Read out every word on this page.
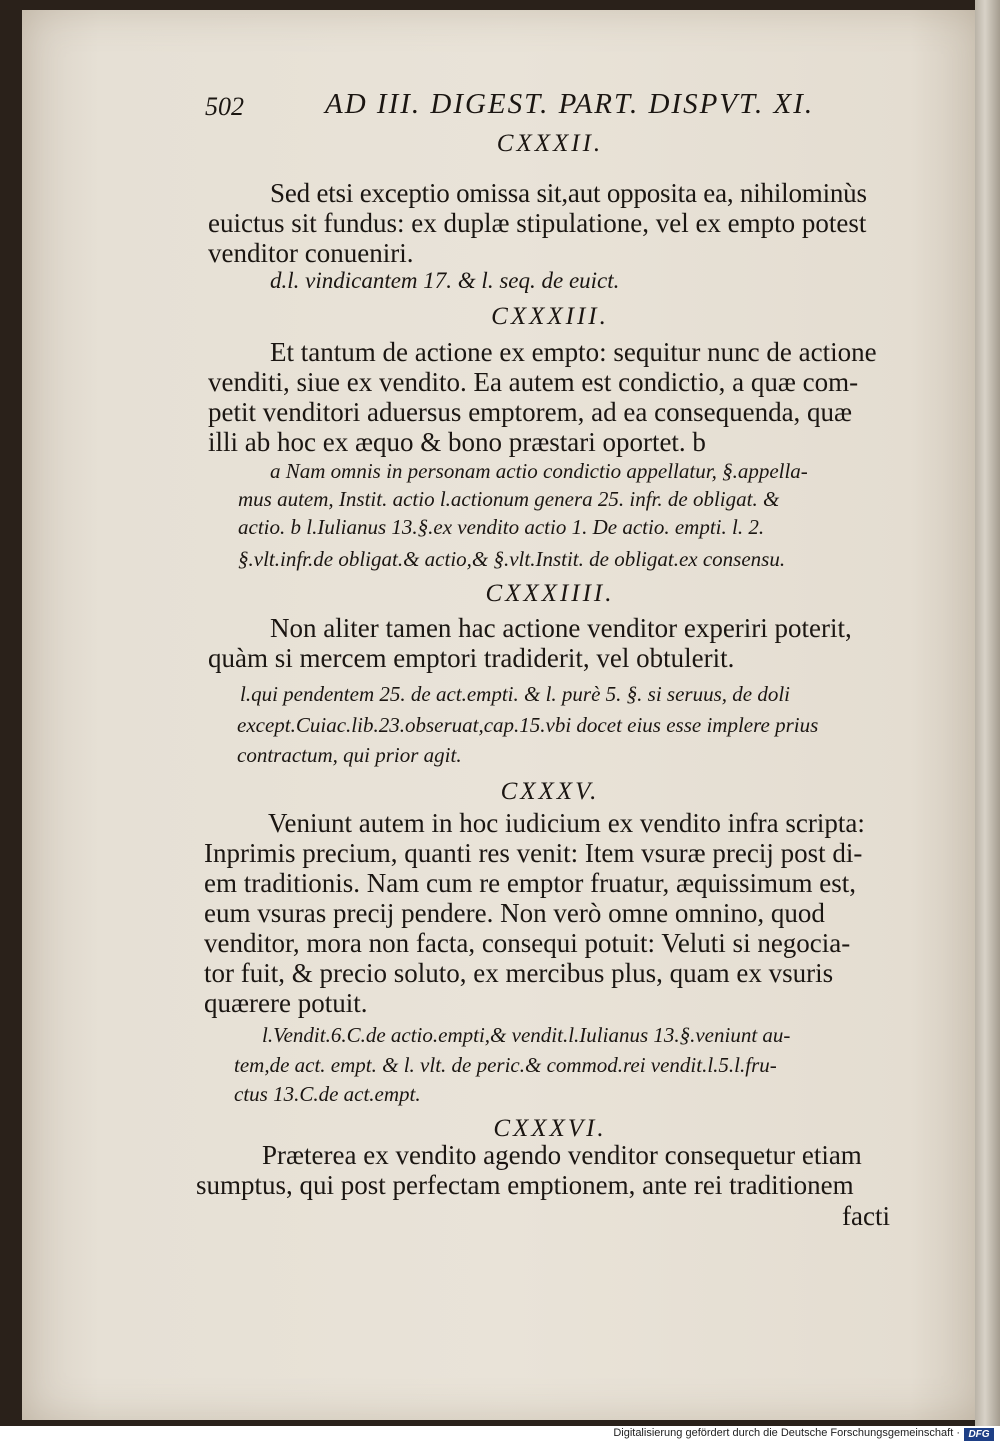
502	AD III. DIGEST. PART. DISPVT. XI.
CXXXII.
Sed etsi exceptio omissa sit,aut opposita ea, nihilominùs
euictus sit fundus: ex duplæ stipulatione, vel ex empto potest
venditor conueniri.
d.l. vindicantem 17. & l. seq. de euict.
CXXXIII.
Et tantum de actione ex empto: sequitur nunc de actione
venditi, siue ex vendito. Ea autem est condictio, a quæ com-
petit venditori aduersus emptorem, ad ea consequenda, quæ
illi ab hoc ex æquo & bono præstari oportet. b
a Nam omnis in personam actio condictio appellatur, §.appella-
mus autem, Instit. actio l.actionum genera 25. infr. de obligat. &
actio. b l.Iulianus 13.§.ex vendito actio 1. De actio. empti. l. 2.
§.vlt.infr.de obligat.& actio,& §.vlt.Instit. de obligat.ex consensu.
CXXXIIII.
Non aliter tamen hac actione venditor experiri poterit,
quàm si mercem emptori tradiderit, vel obtulerit.
l.qui pendentem 25. de act.empti. & l. purè 5. §. si seruus, de doli
except.Cuiac.lib.23.obseruat,cap.15.vbi docet eius esse implere prius
contractum, qui prior agit.
CXXXV.
Veniunt autem in hoc iudicium ex vendito infra scripta:
Inprimis precium, quanti res venit: Item vsuræ precij post di-
em traditionis. Nam cum re emptor fruatur, æquissimum est,
eum vsuras precij pendere. Non verò omne omnino, quod
venditor, mora non facta, consequi potuit: Veluti si negocia-
tor fuit, & precio soluto, ex mercibus plus, quam ex vsuris
quærere potuit.
l.Vendit.6.C.de actio.empti,& vendit.l.Iulianus 13.§.veniunt au-
tem,de act. empt. & l. vlt. de peric.& commod.rei vendit.l.5.l.fru-
ctus 13.C.de act.empt.
CXXXVI.
Præterea ex vendito agendo venditor consequetur etiam
sumptus, qui post perfectam emptionem, ante rei traditionem
facti
Digitalisierung gefördert durch die Deutsche Forschungsgemeinschaft · DFG
